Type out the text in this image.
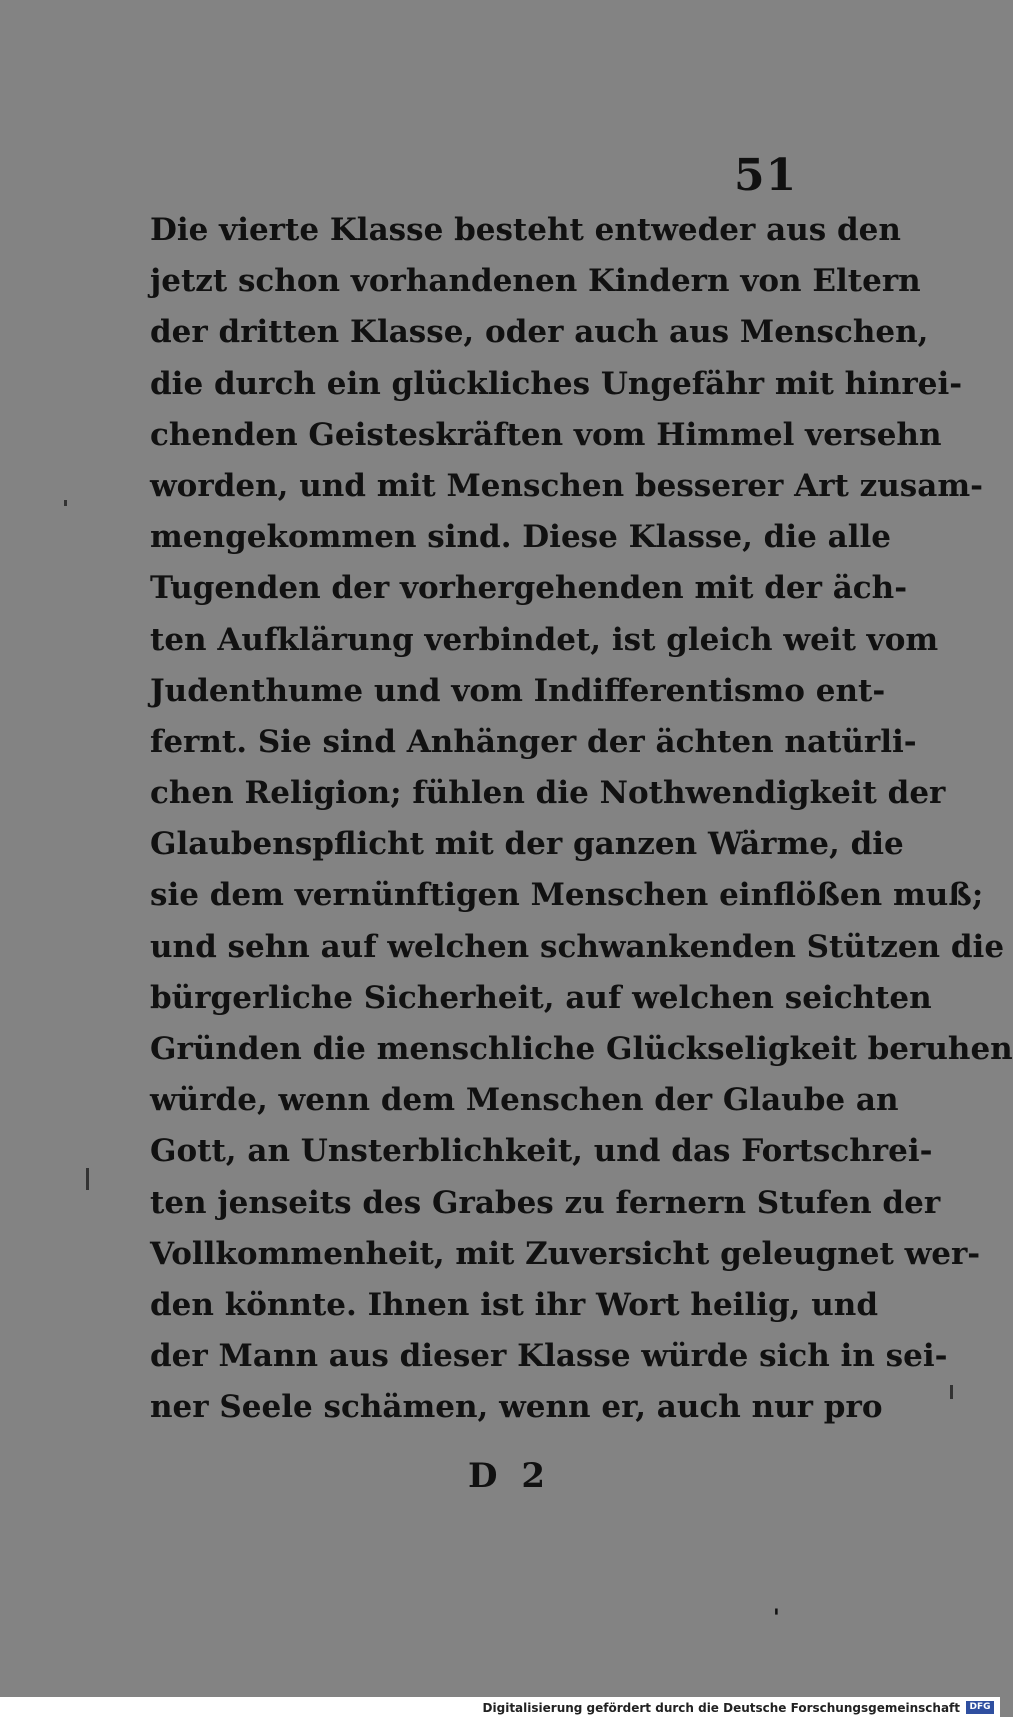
51
Die vierte Klasse besteht entweder aus den
jetzt schon vorhandenen Kindern von Eltern
der dritten Klasse, oder auch aus Menschen,
die durch ein glückliches Ungefähr mit hinrei-
chenden Geisteskräften vom Himmel versehn
worden, und mit Menschen besserer Art zusam-
mengekommen sind. Diese Klasse, die alle
Tugenden der vorhergehenden mit der äch-
ten Aufklärung verbindet, ist gleich weit vom
Judenthume und vom Indifferentismo ent-
fernt. Sie sind Anhänger der ächten natürli-
chen Religion; fühlen die Nothwendigkeit der
Glaubenspflicht mit der ganzen Wärme, die
sie dem vernünftigen Menschen einflößen muß;
und sehn auf welchen schwankenden Stützen die
bürgerliche Sicherheit, auf welchen seichten
Gründen die menschliche Glückseligkeit beruhen
würde, wenn dem Menschen der Glaube an
Gott, an Unsterblichkeit, und das Fortschrei-
ten jenseits des Grabes zu fernern Stufen der
Vollkommenheit, mit Zuversicht geleugnet wer-
den könnte. Ihnen ist ihr Wort heilig, und
der Mann aus dieser Klasse würde sich in sei-
ner Seele schämen, wenn er, auch nur pro
D 2
'
Digitalisierung gefördert durch die Deutsche Forschungsgemeinschaft	DFG
